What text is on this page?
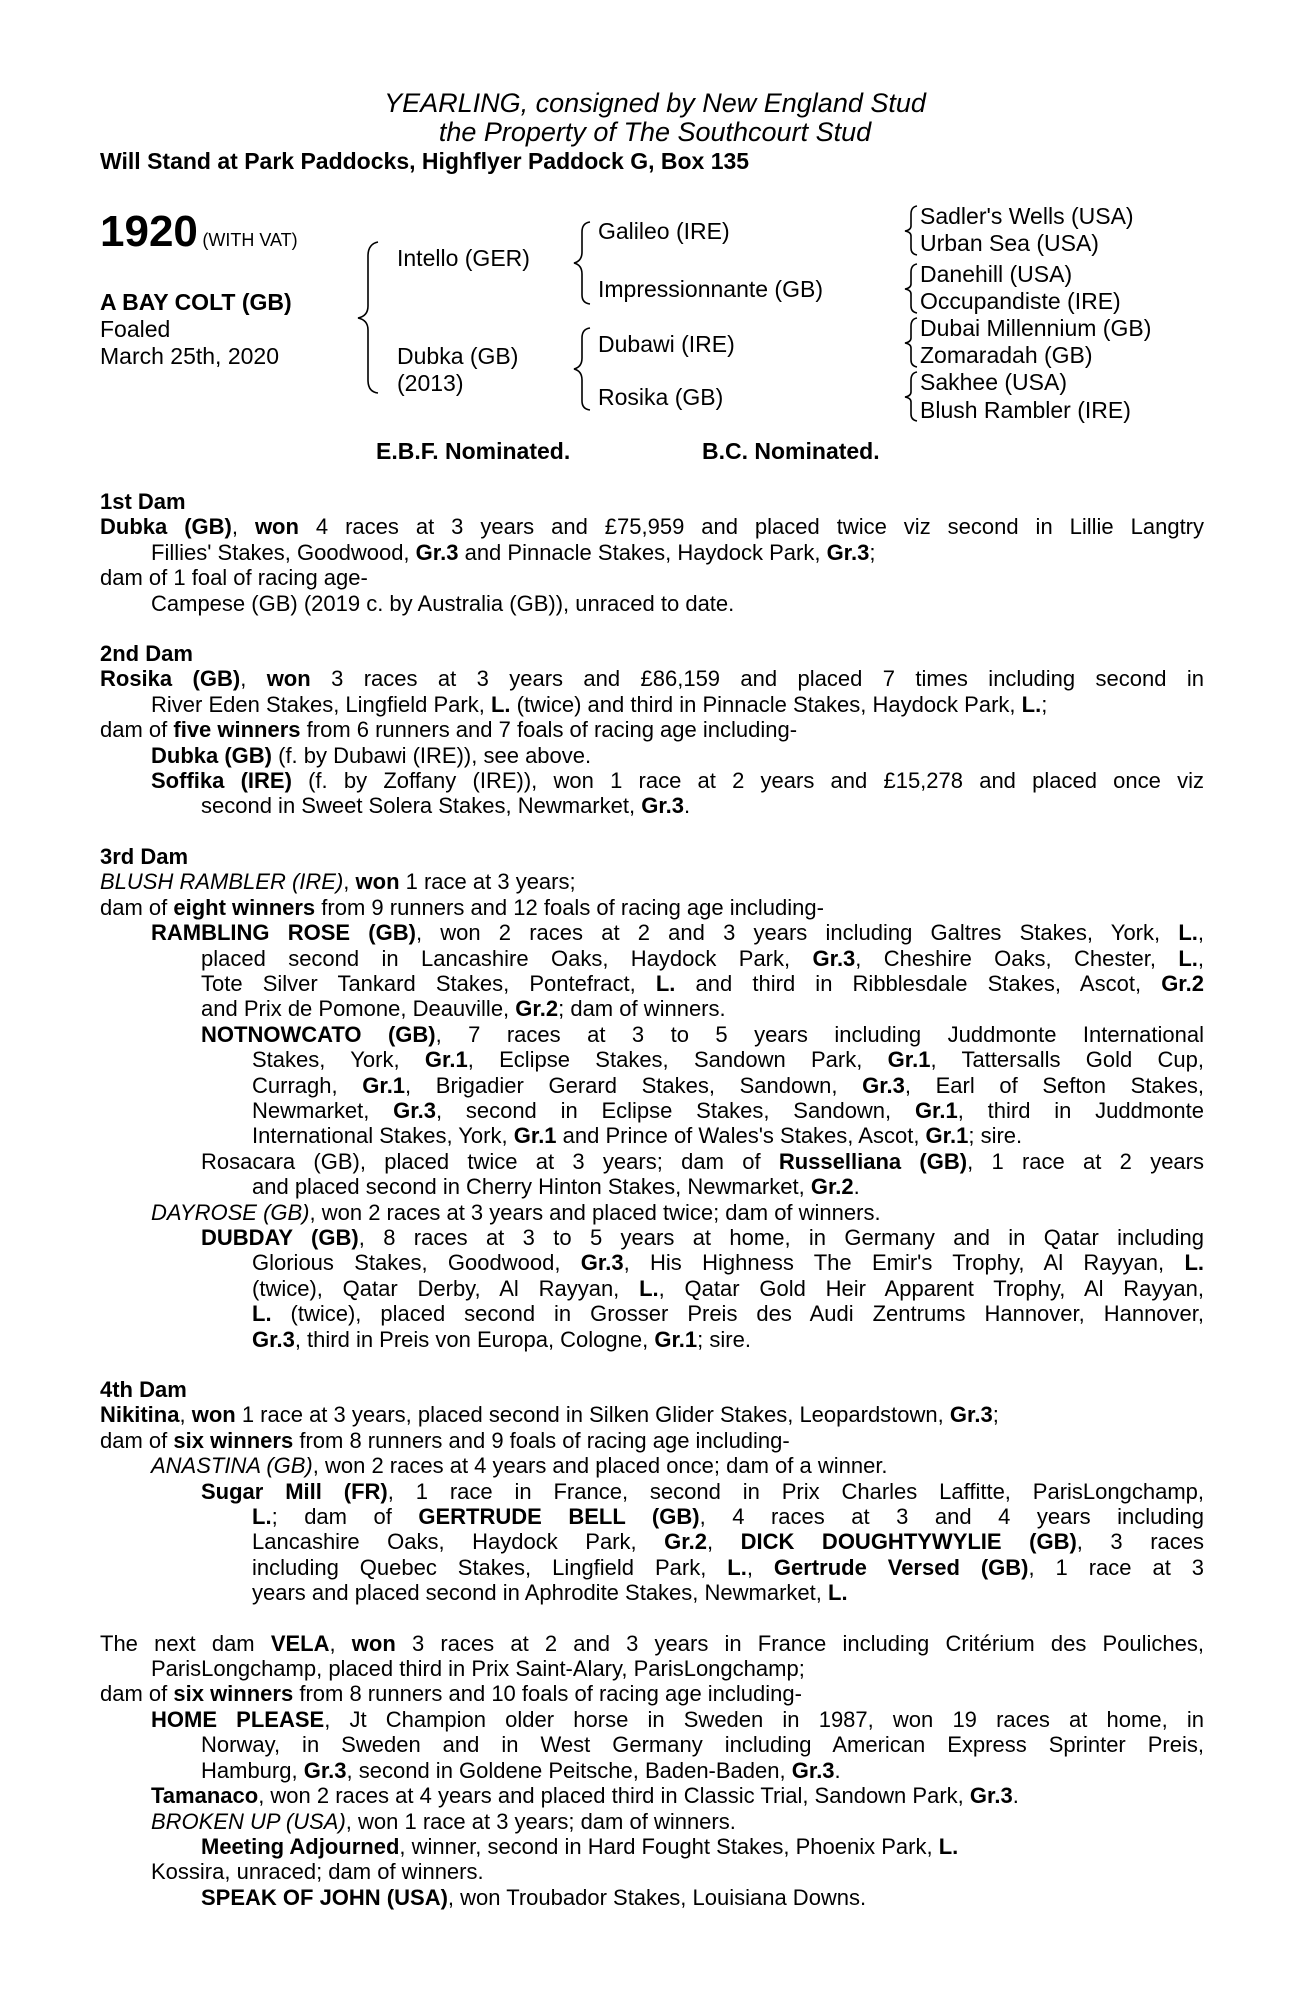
YEARLING, consigned by New England Stud
the Property of The Southcourt Stud
Will Stand at Park Paddocks, Highflyer Paddock G, Box 135
1920 (WITH VAT)
A BAY COLT (GB)
Foaled
March 25th, 2020
Intello (GER)
Dubka (GB)
(2013)
Galileo (IRE)
Impressionnante (GB)
Dubawi (IRE)
Rosika (GB)
Sadler's Wells (USA)
Urban Sea (USA)
Danehill (USA)
Occupandiste (IRE)
Dubai Millennium (GB)
Zomaradah (GB)
Sakhee (USA)
Blush Rambler (IRE)
E.B.F. Nominated.	B.C. Nominated.
1st Dam
Dubka (GB), won 4 races at 3 years and £75,959 and placed twice viz second in Lillie Langtry
Fillies' Stakes, Goodwood, Gr.3 and Pinnacle Stakes, Haydock Park, Gr.3;
dam of 1 foal of racing age-
Campese (GB) (2019 c. by Australia (GB)), unraced to date.
2nd Dam
Rosika (GB), won 3 races at 3 years and £86,159 and placed 7 times including second in
River Eden Stakes, Lingfield Park, L. (twice) and third in Pinnacle Stakes, Haydock Park, L.;
dam of five winners from 6 runners and 7 foals of racing age including-
Dubka (GB) (f. by Dubawi (IRE)), see above.
Soffika (IRE) (f. by Zoffany (IRE)), won 1 race at 2 years and £15,278 and placed once viz
second in Sweet Solera Stakes, Newmarket, Gr.3.
3rd Dam
BLUSH RAMBLER (IRE), won 1 race at 3 years;
dam of eight winners from 9 runners and 12 foals of racing age including-
RAMBLING ROSE (GB), won 2 races at 2 and 3 years including Galtres Stakes, York, L.,
placed second in Lancashire Oaks, Haydock Park, Gr.3, Cheshire Oaks, Chester, L.,
Tote Silver Tankard Stakes, Pontefract, L. and third in Ribblesdale Stakes, Ascot, Gr.2
and Prix de Pomone, Deauville, Gr.2; dam of winners.
NOTNOWCATO (GB), 7 races at 3 to 5 years including Juddmonte International
Stakes, York, Gr.1, Eclipse Stakes, Sandown Park, Gr.1, Tattersalls Gold Cup,
Curragh, Gr.1, Brigadier Gerard Stakes, Sandown, Gr.3, Earl of Sefton Stakes,
Newmarket, Gr.3, second in Eclipse Stakes, Sandown, Gr.1, third in Juddmonte
International Stakes, York, Gr.1 and Prince of Wales's Stakes, Ascot, Gr.1; sire.
Rosacara (GB), placed twice at 3 years; dam of Russelliana (GB), 1 race at 2 years
and placed second in Cherry Hinton Stakes, Newmarket, Gr.2.
DAYROSE (GB), won 2 races at 3 years and placed twice; dam of winners.
DUBDAY (GB), 8 races at 3 to 5 years at home, in Germany and in Qatar including
Glorious Stakes, Goodwood, Gr.3, His Highness The Emir's Trophy, Al Rayyan, L.
(twice), Qatar Derby, Al Rayyan, L., Qatar Gold Heir Apparent Trophy, Al Rayyan,
L. (twice), placed second in Grosser Preis des Audi Zentrums Hannover, Hannover,
Gr.3, third in Preis von Europa, Cologne, Gr.1; sire.
4th Dam
Nikitina, won 1 race at 3 years, placed second in Silken Glider Stakes, Leopardstown, Gr.3;
dam of six winners from 8 runners and 9 foals of racing age including-
ANASTINA (GB), won 2 races at 4 years and placed once; dam of a winner.
Sugar Mill (FR), 1 race in France, second in Prix Charles Laffitte, ParisLongchamp,
L.; dam of GERTRUDE BELL (GB), 4 races at 3 and 4 years including
Lancashire Oaks, Haydock Park, Gr.2, DICK DOUGHTYWYLIE (GB), 3 races
including Quebec Stakes, Lingfield Park, L., Gertrude Versed (GB), 1 race at 3
years and placed second in Aphrodite Stakes, Newmarket, L.
The next dam VELA, won 3 races at 2 and 3 years in France including Critérium des Pouliches,
ParisLongchamp, placed third in Prix Saint-Alary, ParisLongchamp;
dam of six winners from 8 runners and 10 foals of racing age including-
HOME PLEASE, Jt Champion older horse in Sweden in 1987, won 19 races at home, in
Norway, in Sweden and in West Germany including American Express Sprinter Preis,
Hamburg, Gr.3, second in Goldene Peitsche, Baden-Baden, Gr.3.
Tamanaco, won 2 races at 4 years and placed third in Classic Trial, Sandown Park, Gr.3.
BROKEN UP (USA), won 1 race at 3 years; dam of winners.
Meeting Adjourned, winner, second in Hard Fought Stakes, Phoenix Park, L.
Kossira, unraced; dam of winners.
SPEAK OF JOHN (USA), won Troubador Stakes, Louisiana Downs.
